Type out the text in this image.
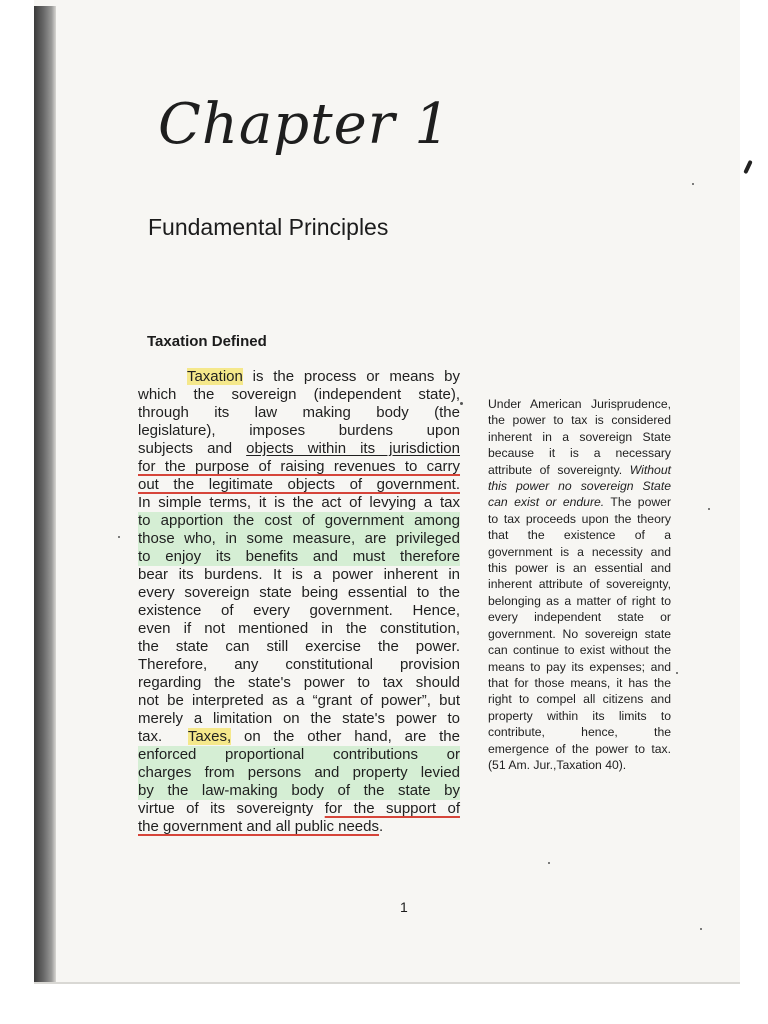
Chapter 1
Fundamental Principles
Taxation Defined
Taxation is the process or means by
which the sovereign (independent state),
through its law making body (the
legislature), imposes burdens upon
subjects and objects within its jurisdiction
for the purpose of raising revenues to carry
out the legitimate objects of government.
In simple terms, it is the act of levying a tax
to apportion the cost of government among
those who, in some measure, are privileged
to enjoy its benefits and must therefore
bear its burdens. It is a power inherent in
every sovereign state being essential to the
existence of every government. Hence,
even if not mentioned in the constitution,
the state can still exercise the power.
Therefore, any constitutional provision
regarding the state's power to tax should
not be interpreted as a “grant of power”, but
merely a limitation on the state's power to
tax.  Taxes, on the other hand, are the
enforced proportional contributions or
charges from persons and property levied
by the law-making body of the state by
virtue of its sovereignty for the support of
the government and all public needs.
Under American Jurisprudence,
the power to tax is considered
inherent in a sovereign State
because it is a necessary
attribute of sovereignty. Without
this power no sovereign State
can exist or endure. The power
to tax proceeds upon the theory
that the existence of a
government is a necessity and
this power is an essential and
inherent attribute of sovereignty,
belonging as a matter of right to
every independent state or
government. No sovereign state
can continue to exist without the
means to pay its expenses; and
that for those means, it has the
right to compel all citizens and
property within its limits to
contribute, hence, the
emergence of the power to tax.
(51 Am. Jur.,Taxation 40).
1
